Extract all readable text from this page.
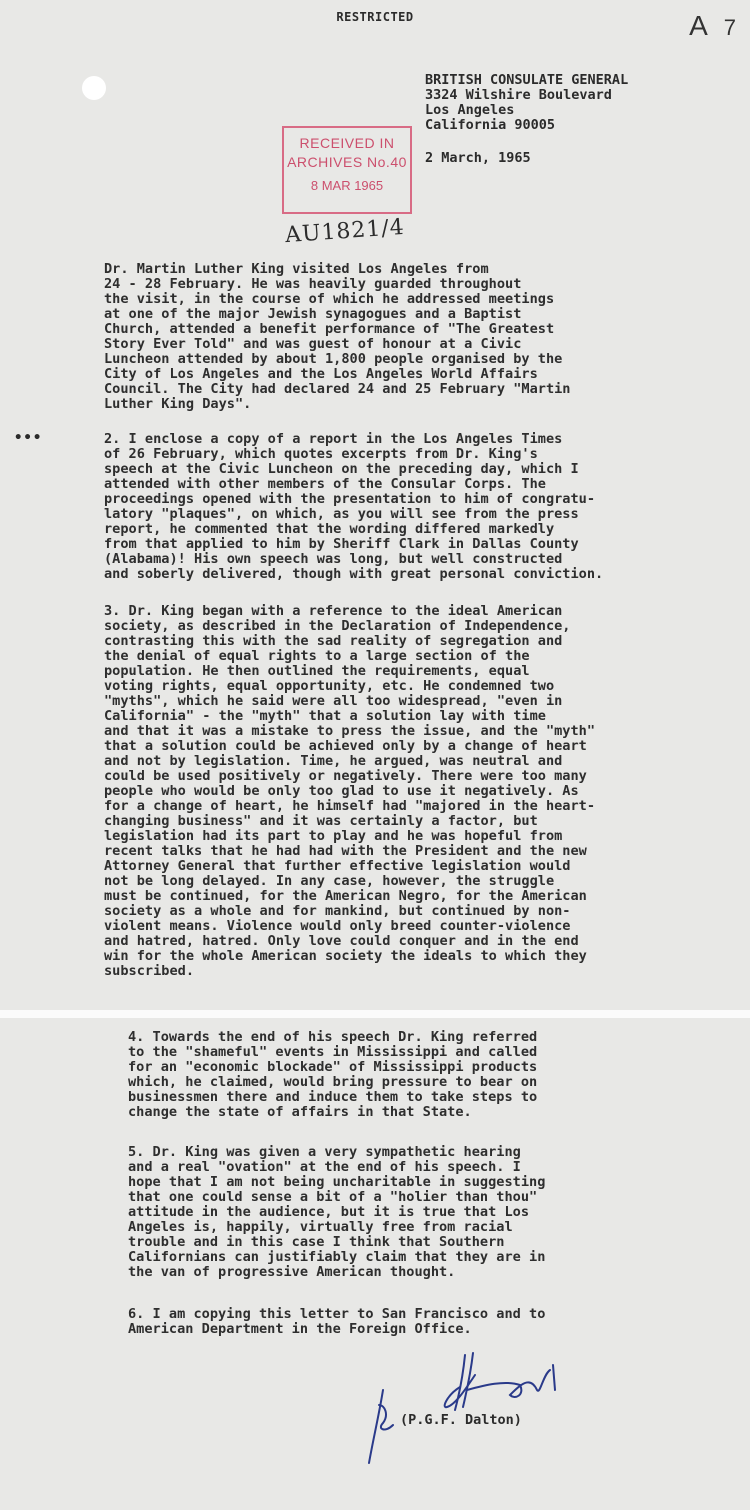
RESTRICTED	A 7
BRITISH CONSULATE GENERAL
3324 Wilshire Boulevard
Los Angeles
California 90005
2 March, 1965
RECEIVED IN
ARCHIVES No.40
8 MAR 1965
AU1821/4
Dr. Martin Luther King visited Los Angeles from
24 - 28 February. He was heavily guarded throughout
the visit, in the course of which he addressed meetings
at one of the major Jewish synagogues and a Baptist
Church, attended a benefit performance of "The Greatest
Story Ever Told" and was guest of honour at a Civic
Luncheon attended by about 1,800 people organised by the
City of Los Angeles and the Los Angeles World Affairs
Council. The City had declared 24 and 25 February "Martin
Luther King Days".
•••	2. I enclose a copy of a report in the Los Angeles Times
of 26 February, which quotes excerpts from Dr. King's
speech at the Civic Luncheon on the preceding day, which I
attended with other members of the Consular Corps. The
proceedings opened with the presentation to him of congratu-
latory "plaques", on which, as you will see from the press
report, he commented that the wording differed markedly
from that applied to him by Sheriff Clark in Dallas County
(Alabama)! His own speech was long, but well constructed
and soberly delivered, though with great personal conviction.
3. Dr. King began with a reference to the ideal American
society, as described in the Declaration of Independence,
contrasting this with the sad reality of segregation and
the denial of equal rights to a large section of the
population. He then outlined the requirements, equal
voting rights, equal opportunity, etc. He condemned two
"myths", which he said were all too widespread, "even in
California" - the "myth" that a solution lay with time
and that it was a mistake to press the issue, and the "myth"
that a solution could be achieved only by a change of heart
and not by legislation. Time, he argued, was neutral and
could be used positively or negatively. There were too many
people who would be only too glad to use it negatively. As
for a change of heart, he himself had "majored in the heart-
changing business" and it was certainly a factor, but
legislation had its part to play and he was hopeful from
recent talks that he had had with the President and the new
Attorney General that further effective legislation would
not be long delayed. In any case, however, the struggle
must be continued, for the American Negro, for the American
society as a whole and for mankind, but continued by non-
violent means. Violence would only breed counter-violence
and hatred, hatred. Only love could conquer and in the end
win for the whole American society the ideals to which they
subscribed.
4. Towards the end of his speech Dr. King referred
to the "shameful" events in Mississippi and called
for an "economic blockade" of Mississippi products
which, he claimed, would bring pressure to bear on
businessmen there and induce them to take steps to
change the state of affairs in that State.
5. Dr. King was given a very sympathetic hearing
and a real "ovation" at the end of his speech. I
hope that I am not being uncharitable in suggesting
that one could sense a bit of a "holier than thou"
attitude in the audience, but it is true that Los
Angeles is, happily, virtually free from racial
trouble and in this case I think that Southern
Californians can justifiably claim that they are in
the van of progressive American thought.
6. I am copying this letter to San Francisco and to
American Department in the Foreign Office.
(P.G.F. Dalton)
